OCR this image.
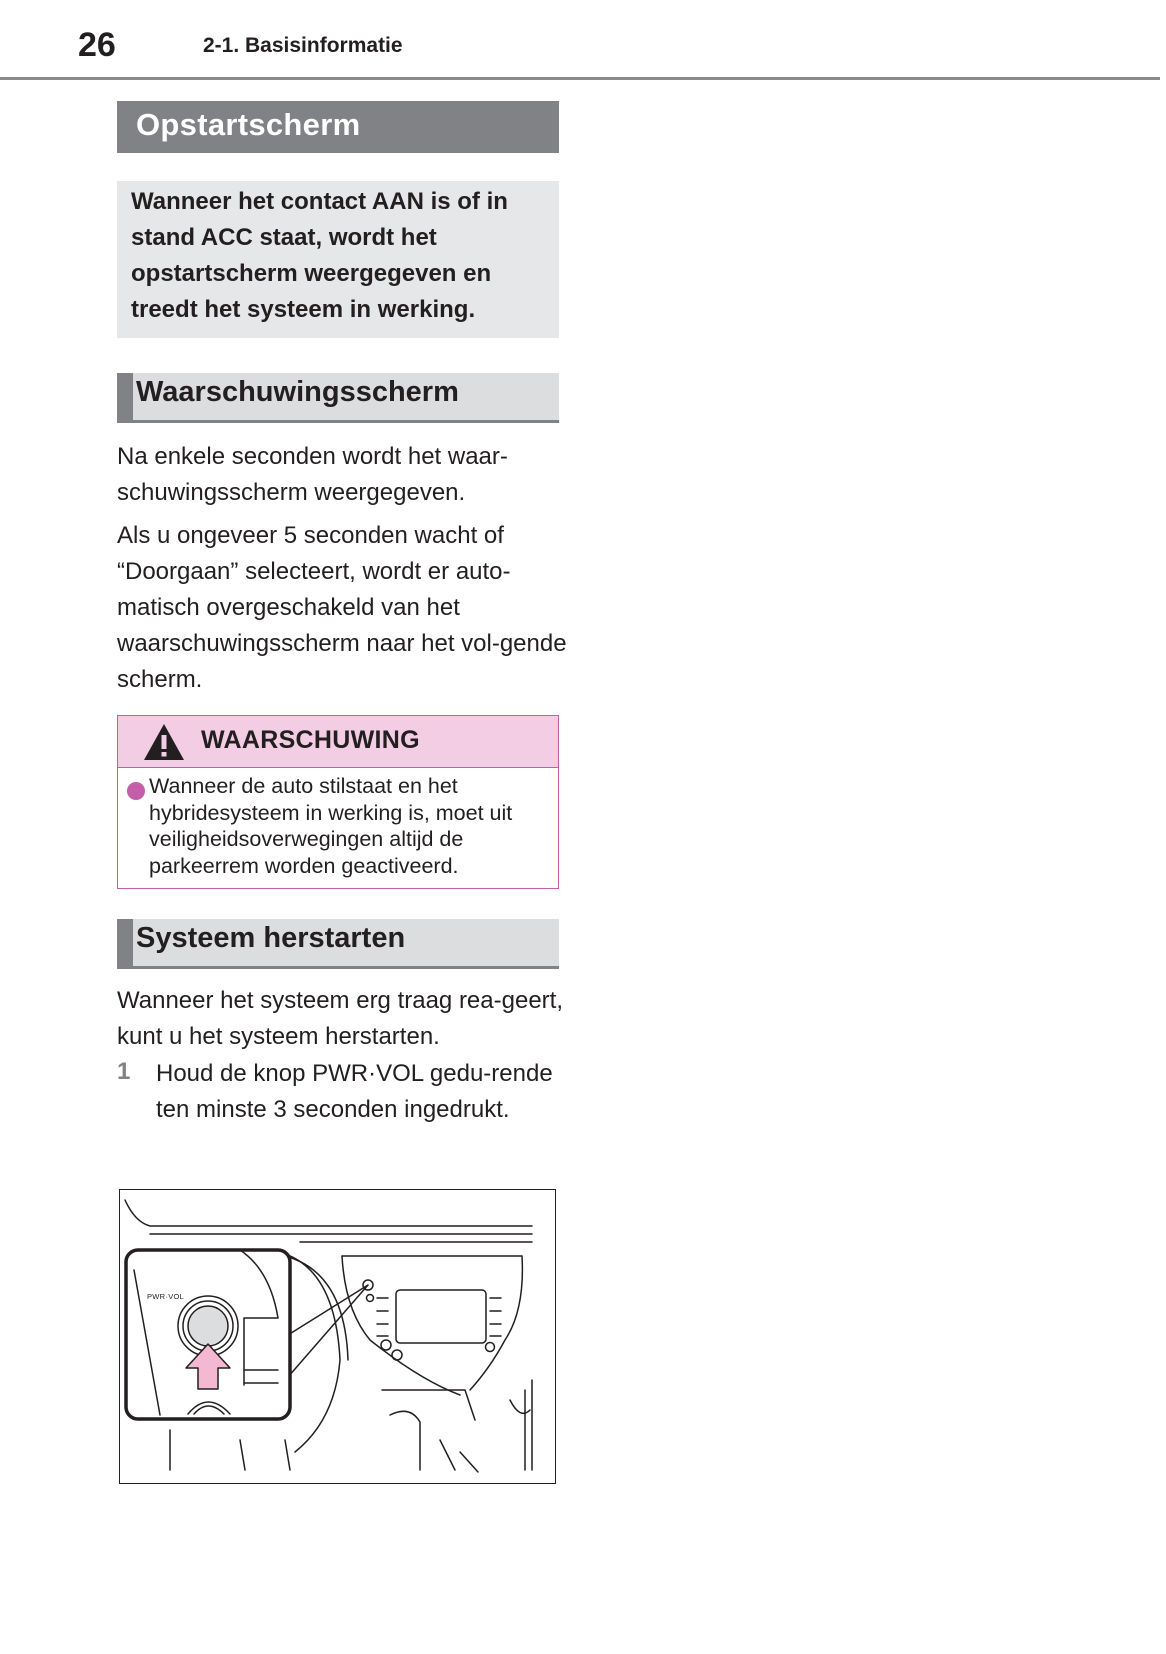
26	2-1. Basisinformatie
Opstartscherm
Wanneer het contact AAN is of in stand ACC staat, wordt het opstartscherm weergegeven en treedt het systeem in werking.
Waarschuwingsscherm

Na enkele seconden wordt het waar-schuwingsscherm weergegeven.

Als u ongeveer 5 seconden wacht of “Doorgaan” selecteert, wordt er auto-matisch overgeschakeld van het waarschuwingsscherm naar het vol-gende scherm.

WAARSCHUWING

Wanneer de auto stilstaat en het hybridesysteem in werking is, moet uit veiligheidsoverwegingen altijd de parkeerrem worden geactiveerd.

Systeem herstarten

Wanneer het systeem erg traag rea-geert, kunt u het systeem herstarten.

1 Houd de knop PWR·VOL gedu-rende ten minste 3 seconden ingedrukt.

PWR·VOL
